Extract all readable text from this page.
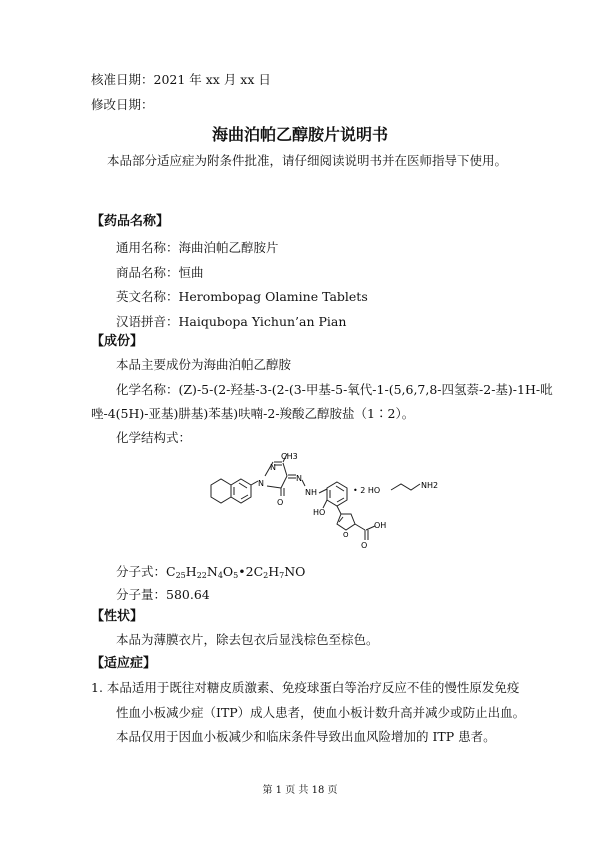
核准日期：2021 年 xx 月 xx 日
修改日期：
海曲泊帕乙醇胺片说明书
本品部分适应症为附条件批准，请仔细阅读说明书并在医师指导下使用。
【药品名称】
通用名称：海曲泊帕乙醇胺片
商品名称：恒曲
英文名称：Herombopag Olamine Tablets
汉语拼音：Haiqubopa Yichun’an Pian
【成份】
本品主要成份为海曲泊帕乙醇胺
化学名称：(Z)-5-(2-羟基-3-(2-(3-甲基-5-氧代-1-(5,6,7,8-四氢萘-2-基)-1H-吡
唑-4(5H)-亚基)肼基)苯基)呋喃-2-羧酸乙醇胺盐（1∶2）。
化学结构式：
CH3
N
N
N
NH
O
HO
O
OH
O
• 2 HO
NH2
分子式：$C_{25}H_{22}N_4O_5•2C_2H_7NO$
分子量：580.64
【性状】
本品为薄膜衣片，除去包衣后显浅棕色至棕色。
【适应症】
1. 本品适用于既往对糖皮质激素、免疫球蛋白等治疗反应不佳的慢性原发免疫
性血小板减少症（ITP）成人患者，使血小板计数升高并减少或防止出血。
本品仅用于因血小板减少和临床条件导致出血风险增加的 ITP 患者。
第 1 页 共 18 页
